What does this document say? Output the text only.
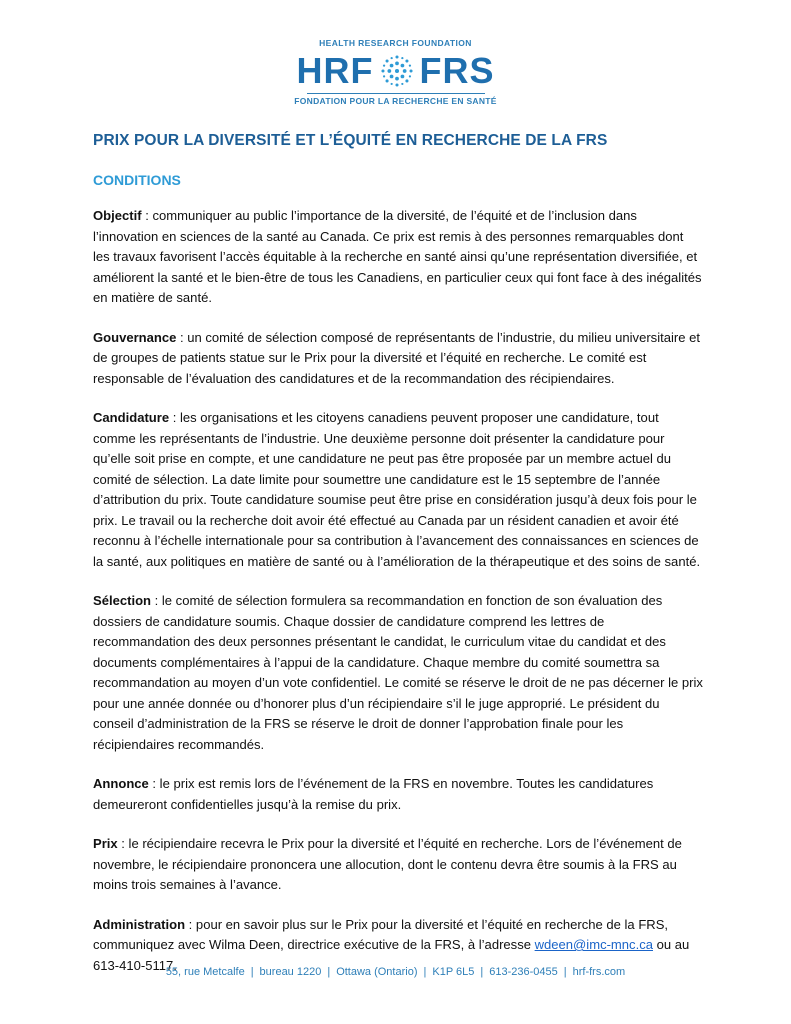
HEALTH RESEARCH FOUNDATION
HRF FRS
FONDATION POUR LA RECHERCHE EN SANTÉ
PRIX POUR LA DIVERSITÉ ET L’ÉQUITÉ EN RECHERCHE DE LA FRS
CONDITIONS

Objectif : communiquer au public l’importance de la diversité, de l’équité et de l’inclusion dans l’innovation en sciences de la santé au Canada. Ce prix est remis à des personnes remarquables dont les travaux favorisent l’accès équitable à la recherche en santé ainsi qu’une représentation diversifiée, et améliorent la santé et le bien-être de tous les Canadiens, en particulier ceux qui font face à des inégalités en matière de santé.

Gouvernance : un comité de sélection composé de représentants de l’industrie, du milieu universitaire et de groupes de patients statue sur le Prix pour la diversité et l’équité en recherche. Le comité est responsable de l’évaluation des candidatures et de la recommandation des récipiendaires.

Candidature : les organisations et les citoyens canadiens peuvent proposer une candidature, tout comme les représentants de l’industrie. Une deuxième personne doit présenter la candidature pour qu’elle soit prise en compte, et une candidature ne peut pas être proposée par un membre actuel du comité de sélection. La date limite pour soumettre une candidature est le 15 septembre de l’année d’attribution du prix. Toute candidature soumise peut être prise en considération jusqu’à deux fois pour le prix. Le travail ou la recherche doit avoir été effectué au Canada par un résident canadien et avoir été reconnu à l’échelle internationale pour sa contribution à l’avancement des connaissances en sciences de la santé, aux politiques en matière de santé ou à l’amélioration de la thérapeutique et des soins de santé.

Sélection : le comité de sélection formulera sa recommandation en fonction de son évaluation des dossiers de candidature soumis. Chaque dossier de candidature comprend les lettres de recommandation des deux personnes présentant le candidat, le curriculum vitae du candidat et des documents complémentaires à l’appui de la candidature. Chaque membre du comité soumettra sa recommandation au moyen d’un vote confidentiel. Le comité se réserve le droit de ne pas décerner le prix pour une année donnée ou d’honorer plus d’un récipiendaire s’il le juge approprié. Le président du conseil d’administration de la FRS se réserve le droit de donner l’approbation finale pour les récipiendaires recommandés.

Annonce : le prix est remis lors de l’événement de la FRS en novembre. Toutes les candidatures demeureront confidentielles jusqu’à la remise du prix.

Prix : le récipiendaire recevra le Prix pour la diversité et l’équité en recherche. Lors de l’événement de novembre, le récipiendaire prononcera une allocution, dont le contenu devra être soumis à la FRS au moins trois semaines à l’avance.

Administration : pour en savoir plus sur le Prix pour la diversité et l’équité en recherche de la FRS, communiquez avec Wilma Deen, directrice exécutive de la FRS, à l’adresse wdeen@imc-mnc.ca ou au 613-410-5117.

55, rue Metcalfe | bureau 1220 | Ottawa (Ontario) | K1P 6L5 | 613-236-0455 | hrf-frs.com
